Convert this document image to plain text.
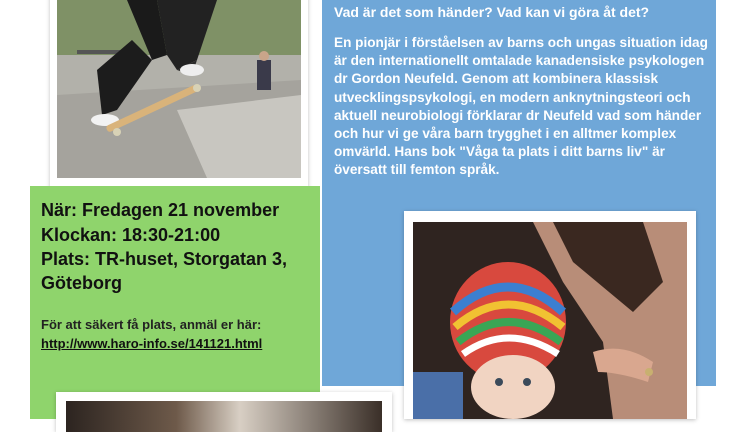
Vad är det som händer? Vad kan vi göra åt det?

En pionjär i förståelsen av barns och ungas situation idag är den internationellt omtalade kanadensiske psykologen dr Gordon Neufeld. Genom att kombinera klassisk utvecklingspsykologi, en modern anknytningsteori och aktuell neurobiologi förklarar dr Neufeld vad som händer och hur vi ge våra barn trygghet i en alltmer komplex omvärld. Hans bok "Våga ta plats i ditt barns liv" är översatt till femton språk.

När: Fredagen 21 november
Klockan: 18:30-21:00
Plats: TR-huset, Storgatan 3,
Göteborg
För att säkert få plats, anmäl er här:
http://www.haro-info.se/141121.html
